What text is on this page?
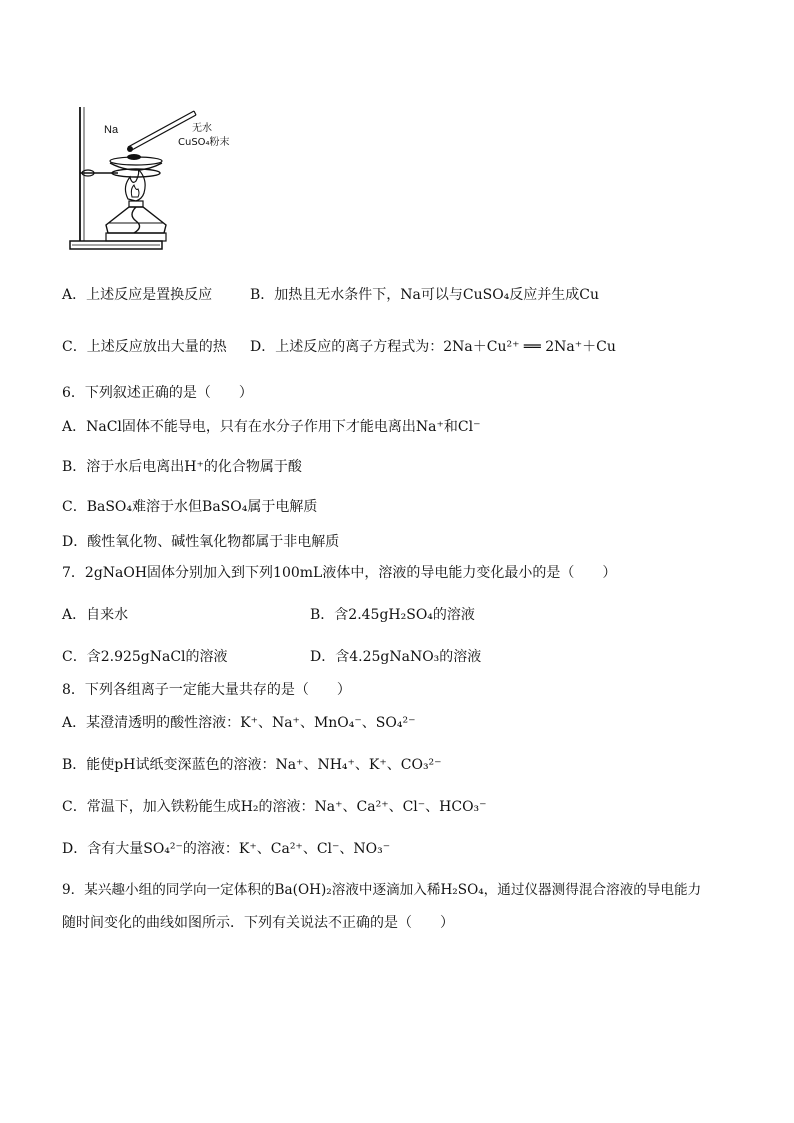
Na	无水
CuSO₄粉末
A．上述反应是置换反应	B．加热且无水条件下，Na可以与CuSO₄反应并生成Cu
C．上述反应放出大量的热 D．上述反应的离子方程式为：2Na＋Cu²⁺ ══ 2Na⁺＋Cu
6．下列叙述正确的是（　　）
A．NaCl固体不能导电，只有在水分子作用下才能电离出Na⁺和Cl⁻
B．溶于水后电离出H⁺的化合物属于酸
C．BaSO₄难溶于水但BaSO₄属于电解质
D．酸性氧化物、碱性氧化物都属于非电解质
7．2gNaOH固体分别加入到下列100mL液体中，溶液的导电能力变化最小的是（　　）
A．自来水	B．含2.45gH₂SO₄的溶液
C．含2.925gNaCl的溶液	D．含4.25gNaNO₃的溶液
8．下列各组离子一定能大量共存的是（　　）
A．某澄清透明的酸性溶液：K⁺、Na⁺、MnO₄⁻、SO₄²⁻
B．能使pH试纸变深蓝色的溶液：Na⁺、NH₄⁺、K⁺、CO₃²⁻
C．常温下，加入铁粉能生成H₂的溶液：Na⁺、Ca²⁺、Cl⁻、HCO₃⁻
D．含有大量SO₄²⁻的溶液：K⁺、Ca²⁺、Cl⁻、NO₃⁻
9．某兴趣小组的同学向一定体积的Ba(OH)₂溶液中逐滴加入稀H₂SO₄，通过仪器测得混合溶液的导电能力
随时间变化的曲线如图所示．下列有关说法不正确的是（　　）
